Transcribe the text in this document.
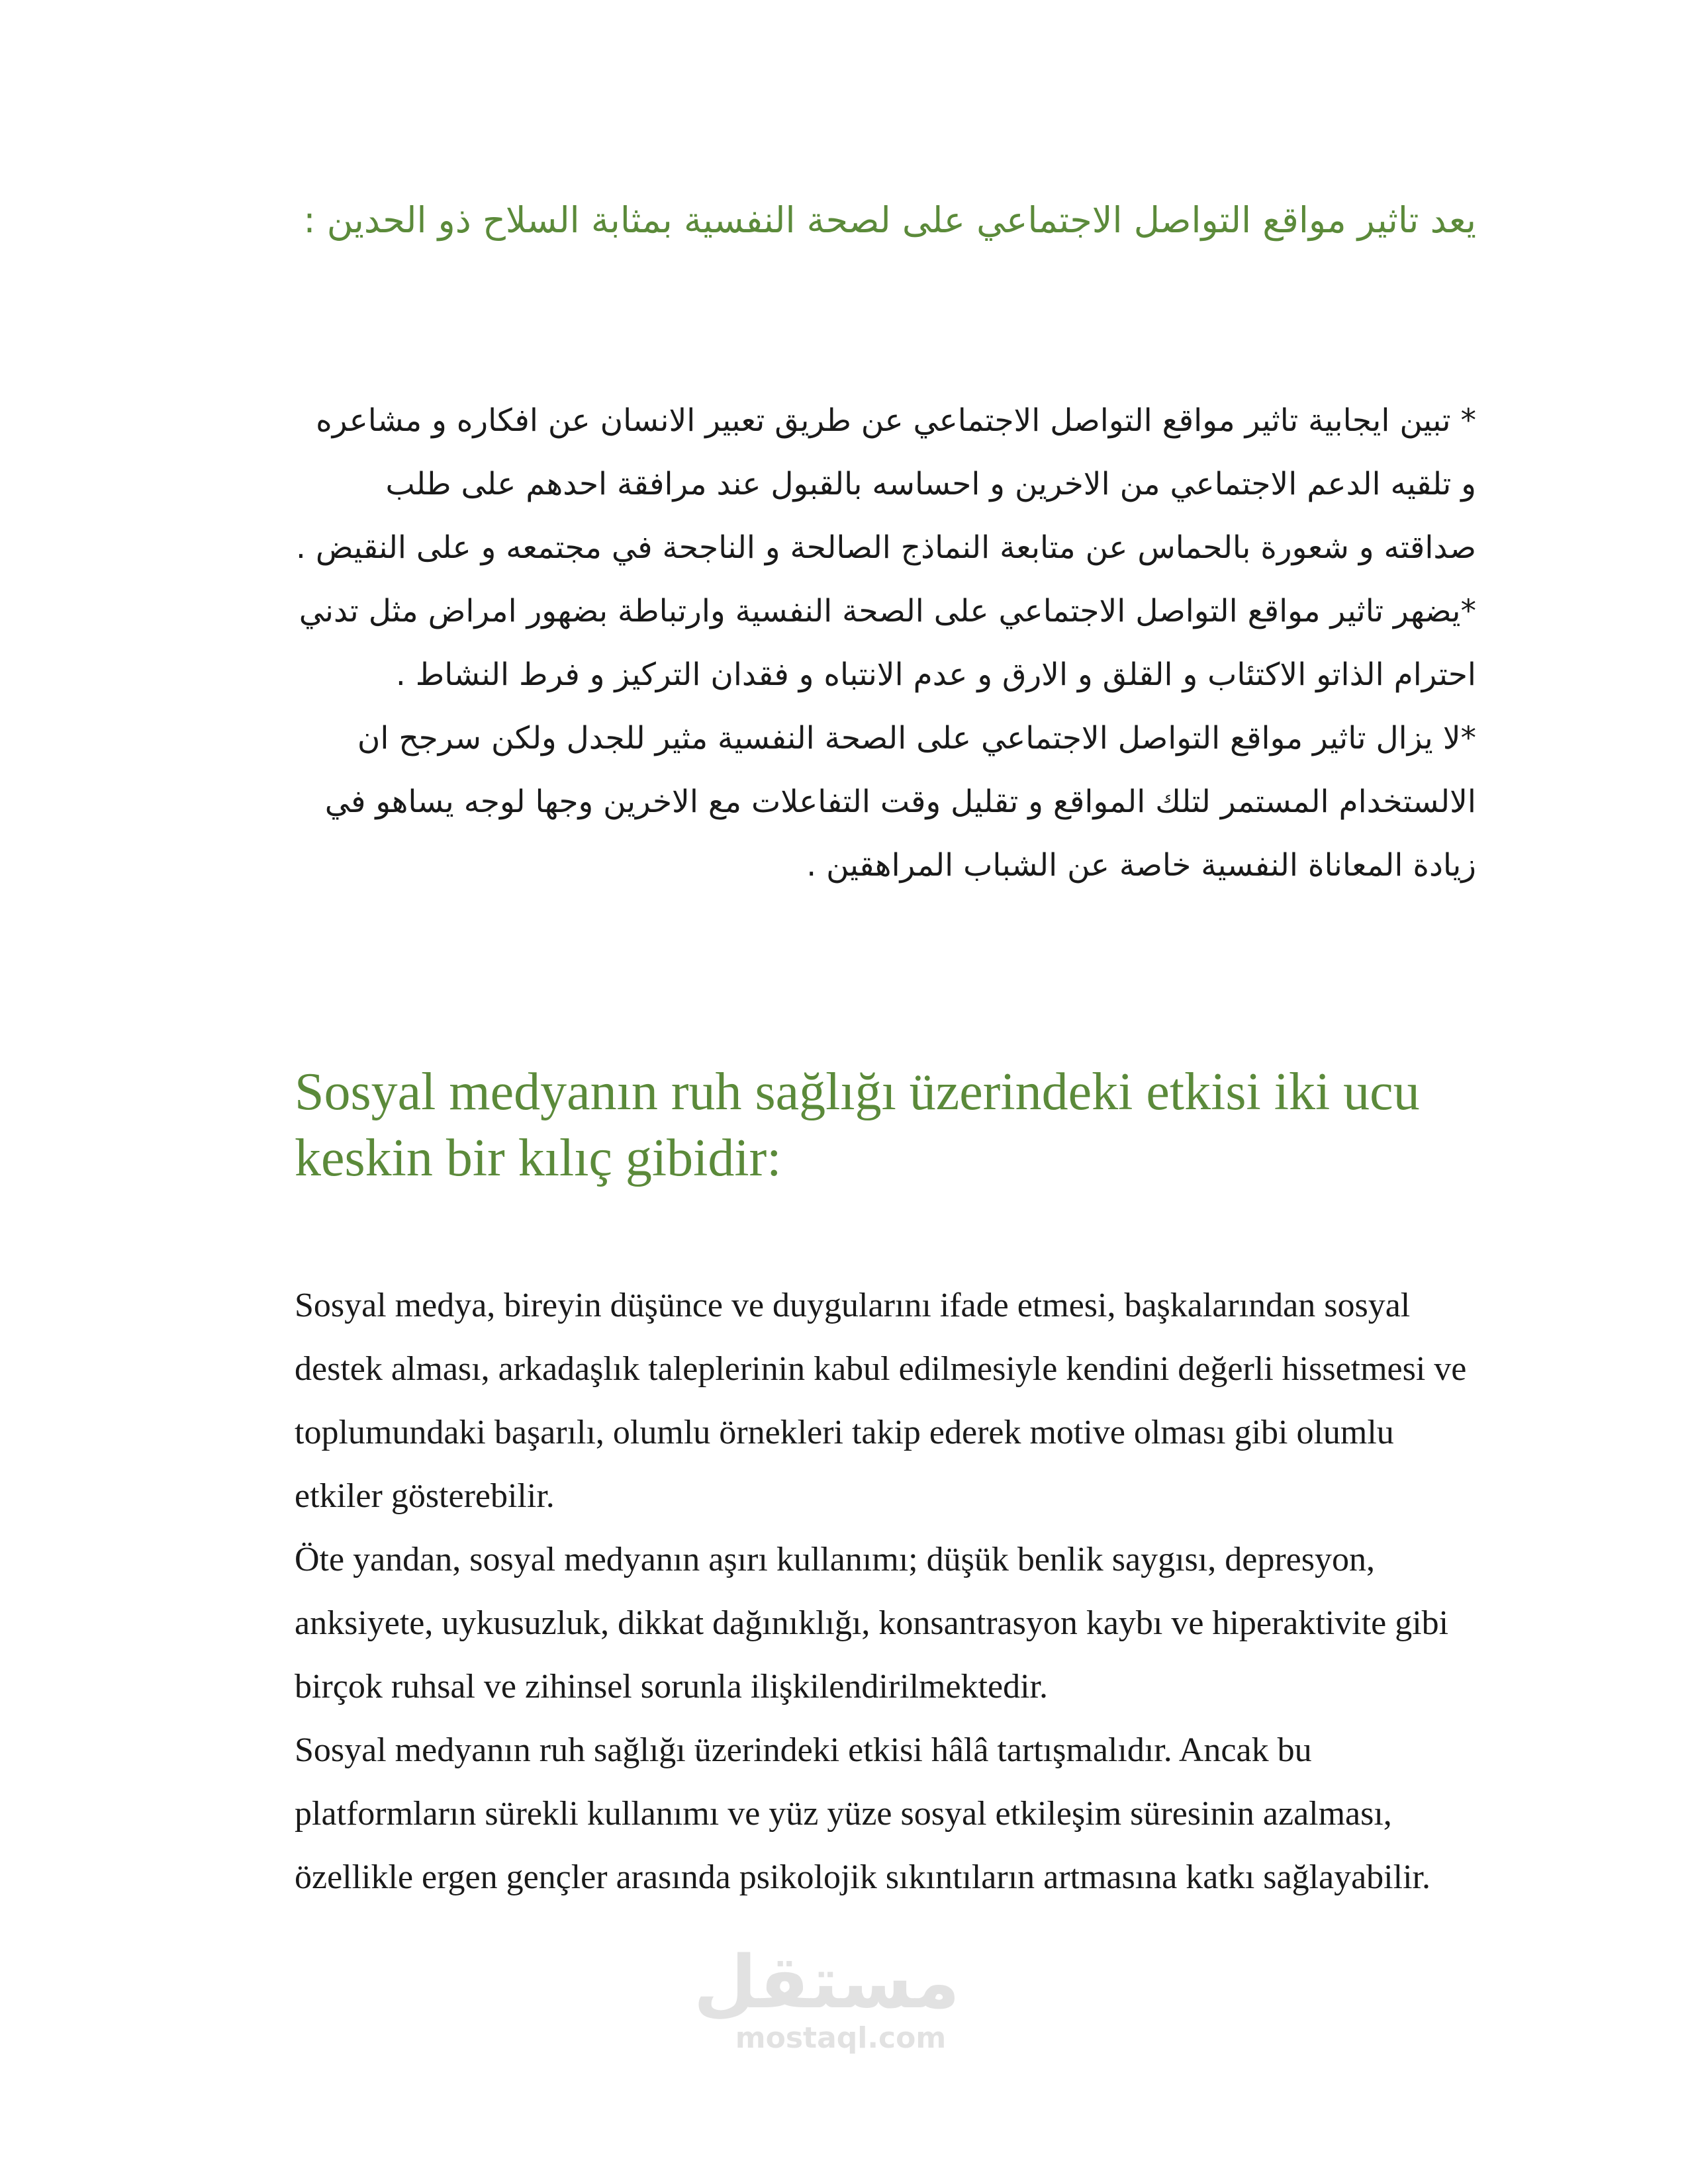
يعد تاثير مواقع التواصل الاجتماعي على لصحة النفسية بمثابة السلاح ذو الحدين :

* تبين ايجابية تاثير مواقع التواصل الاجتماعي عن طريق تعبير الانسان عن افكاره و مشاعره و تلقيه الدعم الاجتماعي من الاخرين و احساسه بالقبول عند مرافقة احدهم على طلب صداقته و شعورة بالحماس عن متابعة النماذج الصالحة و الناجحة في مجتمعه و على النقيض .

*يضهر تاثير مواقع التواصل الاجتماعي على الصحة النفسية وارتباطة بضهور امراض مثل تدني احترام الذاتو الاكتئاب و القلق و الارق و عدم الانتباه و فقدان التركيز و فرط النشاط .

*لا يزال تاثير مواقع التواصل الاجتماعي على الصحة النفسية مثير للجدل ولكن سرجح ان الالستخدام المستمر لتلك المواقع و تقليل وقت التفاعلات مع الاخرين وجها لوجه يساهو في زيادة المعاناة النفسية خاصة عن الشباب المراهقين .

Sosyal medyanın ruh sağlığı üzerindeki etkisi iki ucu keskin bir kılıç gibidir:

Sosyal medya, bireyin düşünce ve duygularını ifade etmesi, başkalarından sosyal destek alması, arkadaşlık taleplerinin kabul edilmesiyle kendini değerli hissetmesi ve toplumundaki başarılı, olumlu örnekleri takip ederek motive olması gibi olumlu etkiler gösterebilir.

Öte yandan, sosyal medyanın aşırı kullanımı; düşük benlik saygısı, depresyon, anksiyete, uykusuzluk, dikkat dağınıklığı, konsantrasyon kaybı ve hiperaktivite gibi birçok ruhsal ve zihinsel sorunla ilişkilendirilmektedir.

Sosyal medyanın ruh sağlığı üzerindeki etkisi hâlâ tartışmalıdır. Ancak bu platformların sürekli kullanımı ve yüz yüze sosyal etkileşim süresinin azalması, özellikle ergen gençler arasında psikolojik sıkıntıların artmasına katkı sağlayabilir.

مستقل
mostaql.com
